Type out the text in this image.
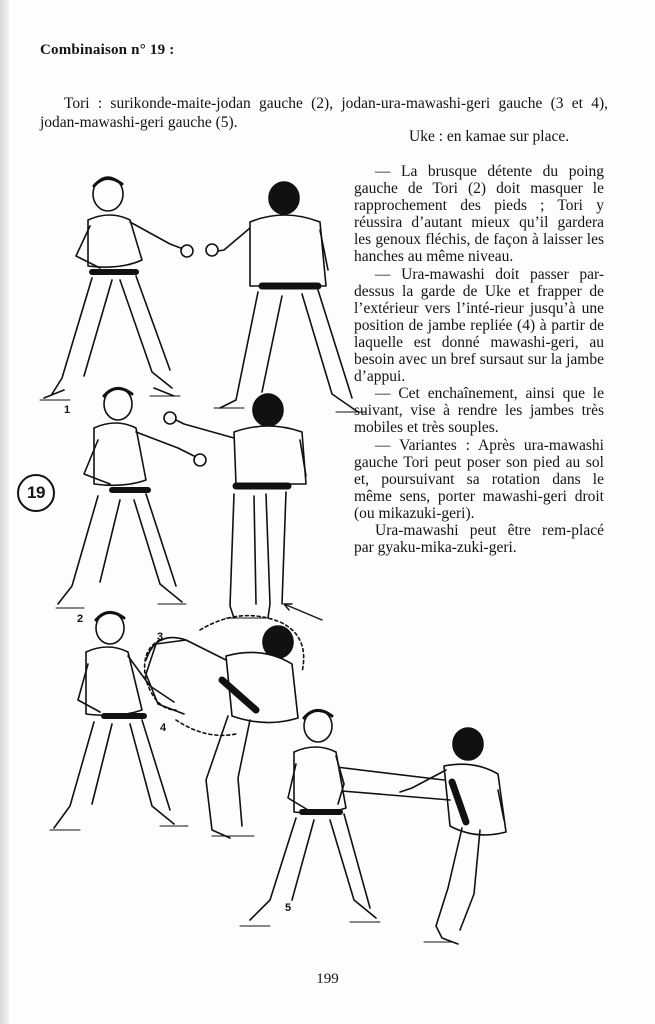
Combinaison n° 19 :

Tori : surikonde-maite-jodan gauche (2), jodan-ura-mawashi-geri gauche (3 et 4), jodan-mawashi-geri gauche (5).

Uke : en kamae sur place.

— La brusque détente du poing gauche de Tori (2) doit masquer le rapprochement des pieds ; Tori y réussira d’autant mieux qu’il gardera les genoux fléchis, de façon à laisser les hanches au même niveau.

— Ura-mawashi doit passer par-dessus la garde de Uke et frapper de l’extérieur vers l’inté-rieur jusqu’à une position de jambe repliée (4) à partir de laquelle est donné mawashi-geri, au besoin avec un bref sursaut sur la jambe d’appui.

— Cet enchaînement, ainsi que le suivant, vise à rendre les jambes très mobiles et très souples.

— Variantes : Après ura-mawashi gauche Tori peut poser son pied au sol et, poursuivant sa rotation dans le même sens, porter mawashi-geri droit (ou mikazuki-geri).

Ura-mawashi peut être rem-placé par gyaku-mika-zuki-geri.

1
2
3
4
5
19
199
